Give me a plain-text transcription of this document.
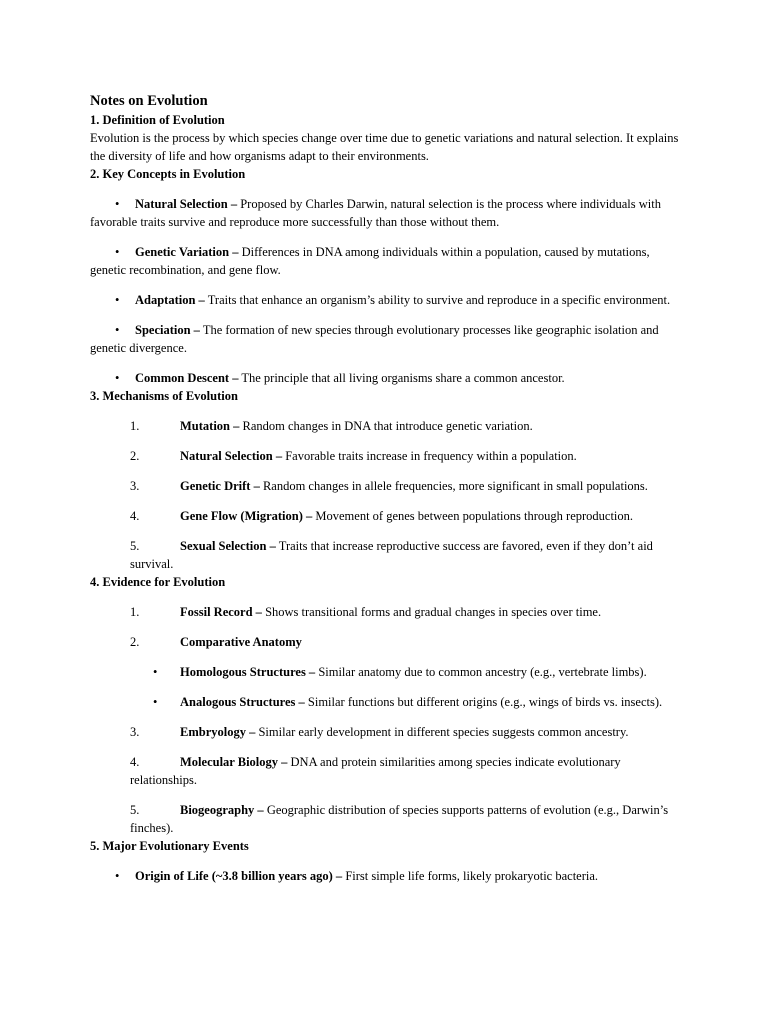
Notes on Evolution

1. Definition of Evolution

Evolution is the process by which species change over time due to genetic variations and natural selection. It explains the diversity of life and how organisms adapt to their environments.

2. Key Concepts in Evolution

• Natural Selection – Proposed by Charles Darwin, natural selection is the process where individuals with favorable traits survive and reproduce more successfully than those without them.
• Genetic Variation – Differences in DNA among individuals within a population, caused by mutations, genetic recombination, and gene flow.
• Adaptation – Traits that enhance an organism’s ability to survive and reproduce in a specific environment.
• Speciation – The formation of new species through evolutionary processes like geographic isolation and genetic divergence.
• Common Descent – The principle that all living organisms share a common ancestor.

3. Mechanisms of Evolution

1.	Mutation – Random changes in DNA that introduce genetic variation.
2.	Natural Selection – Favorable traits increase in frequency within a population.
3.	Genetic Drift – Random changes in allele frequencies, more significant in small populations.
4.	Gene Flow (Migration) – Movement of genes between populations through reproduction.
5.	Sexual Selection – Traits that increase reproductive success are favored, even if they don’t aid survival.

4. Evidence for Evolution

1.	Fossil Record – Shows transitional forms and gradual changes in species over time.
2.	Comparative Anatomy
• Homologous Structures – Similar anatomy due to common ancestry (e.g., vertebrate limbs).
• Analogous Structures – Similar functions but different origins (e.g., wings of birds vs. insects).
3.	Embryology – Similar early development in different species suggests common ancestry.
4.	Molecular Biology – DNA and protein similarities among species indicate evolutionary relationships.
5.	Biogeography – Geographic distribution of species supports patterns of evolution (e.g., Darwin’s finches).

5. Major Evolutionary Events

• Origin of Life (~3.8 billion years ago) – First simple life forms, likely prokaryotic bacteria.
